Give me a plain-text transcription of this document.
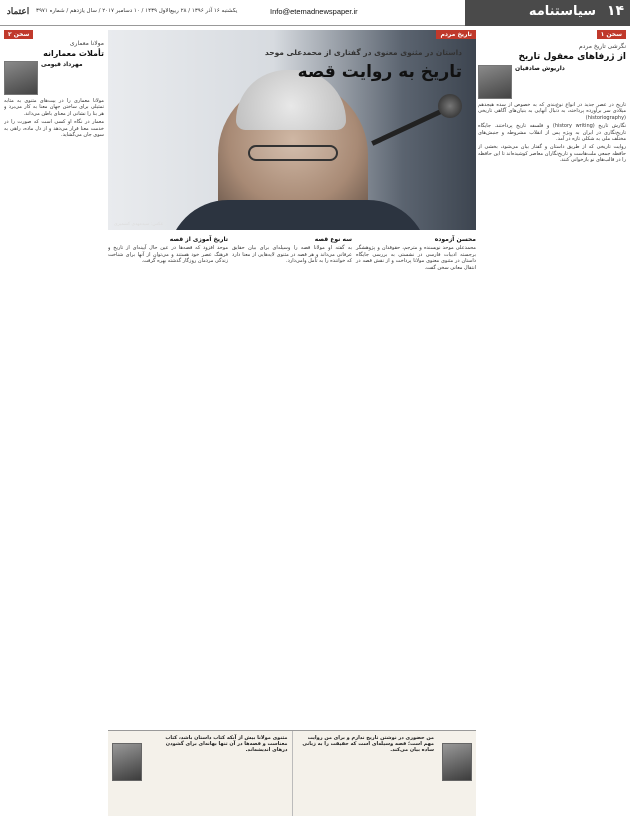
۱۴
سیاستنامه
Info@etemadnewspaper.ir
یکشنبه ۱۶ آذر ۱۳۹۶ / ۲۸ ربیع‌الاول ۱۴۳۹ / ۱۰ دسامبر ۲۰۱۷ / سال یازدهم / شماره ۳۹۷۱
اعتماد
سخن ۱
نگرشی تاریخ مردم
از ژرفاهای معقول تاریخ
داریوش صادقیان

تاریخ در عصر جدید در انواع نوع‌بندی که به خصوص از سده هیجدهم میلادی سر برآورده پرداخته، به دنبال آنهایی به بنیان‌های آگاهی تاریخی (historiography)

نگارش تاریخ (history writing) و فلسفه تاریخ پرداختند. جایگاه تاریخ‌نگاری در ایران به ویژه پس از انقلاب مشروطه و جنبش‌های مختلف ملی به شکلی تازه در آمد.

روایت تاریخی که از طریق داستان و گفتار بیان می‌شود، بخشی از حافظه جمعی ملت‌هاست و تاریخ‌نگاران معاصر کوشیده‌اند تا این حافظه را در قالب‌های نو بازخوانی کنند.

سخن ۲
مولانا معماری
تأملات معمارانه
مهرداد قیومی

مولانا معماری را در بیت‌های مثنوی به مثابه تمثیلی برای ساختن جهان معنا به کار می‌برد و هر بنا را نشانی از معنای باطن می‌داند.

معمار در نگاه او کسی است که صورت را در خدمت معنا قرار می‌دهد و از دل ماده، راهی به سوی جان می‌گشاید.

تاریخ مردم
داستان در مثنوی معنوی در گفتاری از محمدعلی موحد
تاریخ به روایت قصه
عکس: سیدمهدی کشمیری
محسن آزموده
محمدعلی موحد نویسنده و مترجم، حقوقدان و پژوهشگر برجسته ادبیات فارسی در نشستی به بررسی جایگاه داستان در مثنوی معنوی مولانا پرداخت و از نقش قصه در انتقال معانی سخن گفت.
سه نوع قصه
به گفته او مولانا قصه را وسیله‌ای برای بیان حقایق عرفانی می‌داند و هر قصه در مثنوی لایه‌هایی از معنا دارد که خواننده را به تأمل وامی‌دارد.
تاریخ آموزی از قصه
موحد افزود که قصه‌ها در عین حال آیینه‌ای از تاریخ و فرهنگ عصر خود هستند و می‌توان از آنها برای شناخت زندگی مردمان روزگار گذشته بهره گرفت.
من حضوری در نوشتن تاریخ ندارم و برای من روایت مهم است؛ قصه وسیله‌ای است که حقیقت را به زبانی ساده بیان می‌کند.
مثنوی مولانا بیش از آنکه کتاب داستان باشد، کتاب معناست و قصه‌ها در آن تنها بهانه‌ای برای گشودن درهای اندیشه‌اند.
